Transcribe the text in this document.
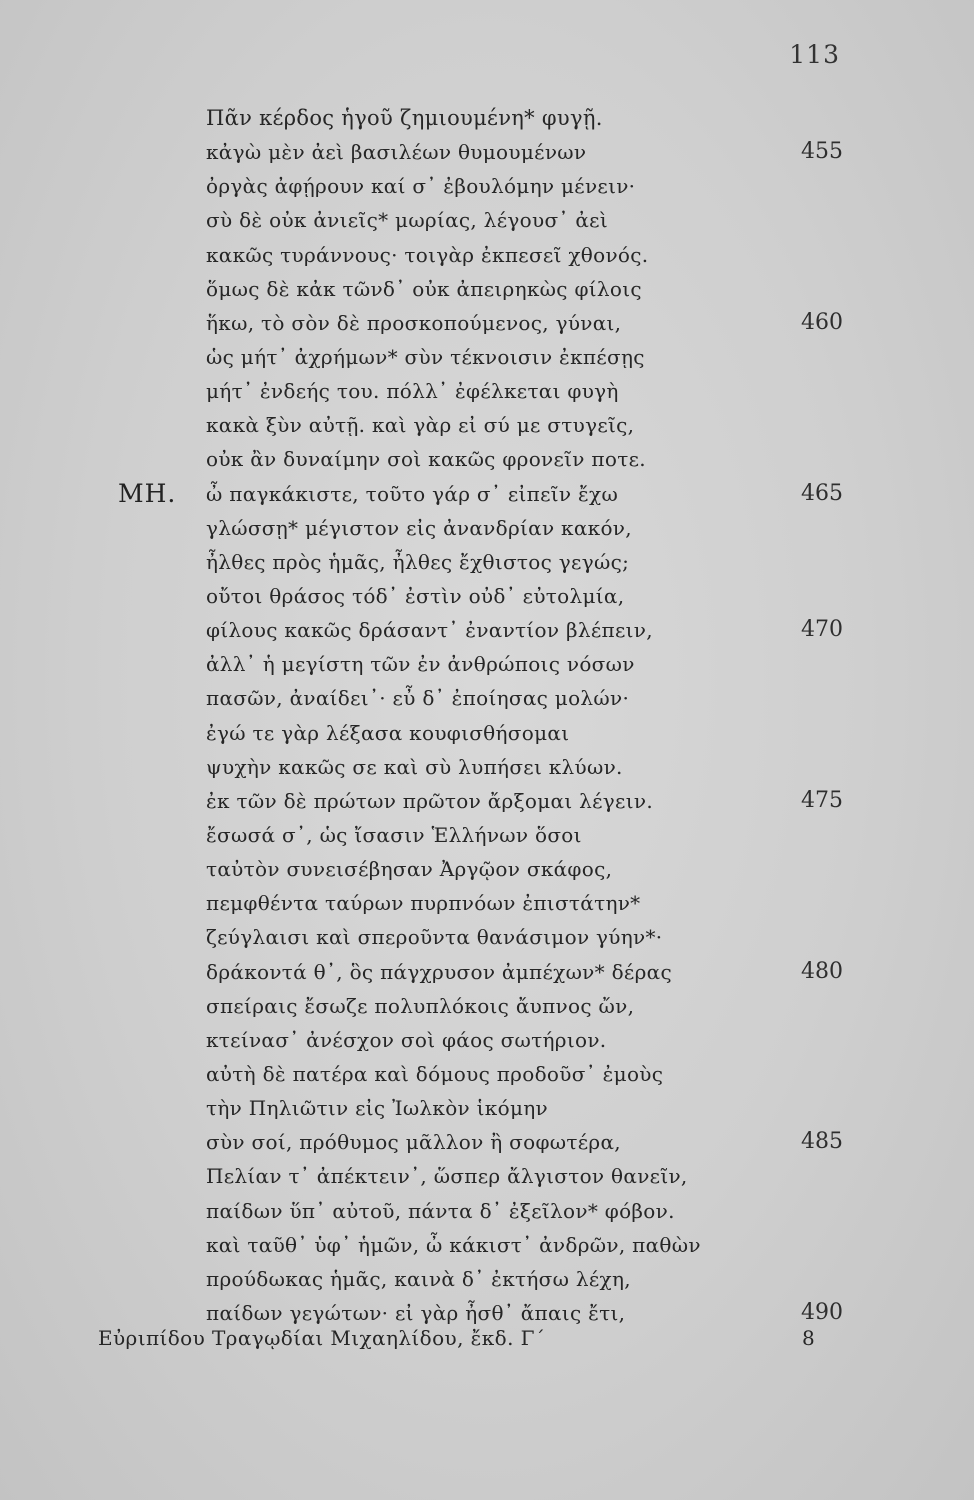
113
Πᾶν κέρδος ἡγοῦ ζημιουμένη* φυγῇ.
κἀγὼ μὲν ἀεὶ βασιλέων θυμουμένων	455
ὀργὰς ἀφῄρουν καί σ᾽ ἐβουλόμην μένειν·
σὺ δὲ οὐκ ἀνιεῖς* μωρίας, λέγουσ᾽ ἀεὶ
κακῶς τυράννους· τοιγὰρ ἐκπεσεῖ χθονός.
ὅμως δὲ κἀκ τῶνδ᾽ οὐκ ἀπειρηκὼς φίλοις
ἥκω, τὸ σὸν δὲ προσκοπούμενος, γύναι,	460
ὡς μήτ᾽ ἀχρήμων* σὺν τέκνοισιν ἐκπέσῃς
μήτ᾽ ἐνδεής του. πόλλ᾽ ἐφέλκεται φυγὴ
κακὰ ξὺν αὐτῇ. καὶ γὰρ εἰ σύ με στυγεῖς,
οὐκ ἂν δυναίμην σοὶ κακῶς φρονεῖν ποτε.
ΜΗ. ὦ παγκάκιστε, τοῦτο γάρ σ᾽ εἰπεῖν ἔχω	465
γλώσσῃ* μέγιστον εἰς ἀνανδρίαν κακόν,
ἦλθες πρὸς ἡμᾶς, ἦλθες ἔχθιστος γεγώς;
οὔτοι θράσος τόδ᾽ ἐστὶν οὐδ᾽ εὐτολμία,
φίλους κακῶς δράσαντ᾽ ἐναντίον βλέπειν,	470
ἀλλ᾽ ἡ μεγίστη τῶν ἐν ἀνθρώποις νόσων
πασῶν, ἀναίδει᾽· εὖ δ᾽ ἐποίησας μολών·
ἐγώ τε γὰρ λέξασα κουφισθήσομαι
ψυχὴν κακῶς σε καὶ σὺ λυπήσει κλύων.
ἐκ τῶν δὲ πρώτων πρῶτον ἄρξομαι λέγειν.	475
ἔσωσά σ᾽, ὡς ἴσασιν Ἑλλήνων ὅσοι
ταὐτὸν συνεισέβησαν Ἀργῷον σκάφος,
πεμφθέντα ταύρων πυρπνόων ἐπιστάτην*
ζεύγλαισι καὶ σπεροῦντα θανάσιμον γύην*·
δράκοντά θ᾽, ὃς πάγχρυσον ἀμπέχων* δέρας	480
σπείραις ἔσωζε πολυπλόκοις ἄυπνος ὤν,
κτείνασ᾽ ἀνέσχον σοὶ φάος σωτήριον.
αὐτὴ δὲ πατέρα καὶ δόμους προδοῦσ᾽ ἐμοὺς
τὴν Πηλιῶτιν εἰς Ἰωλκὸν ἱκόμην
σὺν σοί, πρόθυμος μᾶλλον ἢ σοφωτέρα,	485
Πελίαν τ᾽ ἀπέκτειν᾽, ὥσπερ ἄλγιστον θανεῖν,
παίδων ὕπ᾽ αὐτοῦ, πάντα δ᾽ ἐξεῖλον* φόβον.
καὶ ταῦθ᾽ ὑφ᾽ ἡμῶν, ὦ κάκιστ᾽ ἀνδρῶν, παθὼν
προύδωκας ἡμᾶς, καινὰ δ᾽ ἐκτήσω λέχη,
παίδων γεγώτων· εἰ γὰρ ἦσθ᾽ ἄπαις ἔτι,	490
Εὐριπίδου Τραγῳδίαι Μιχαηλίδου, ἔκδ. Γ΄	8
